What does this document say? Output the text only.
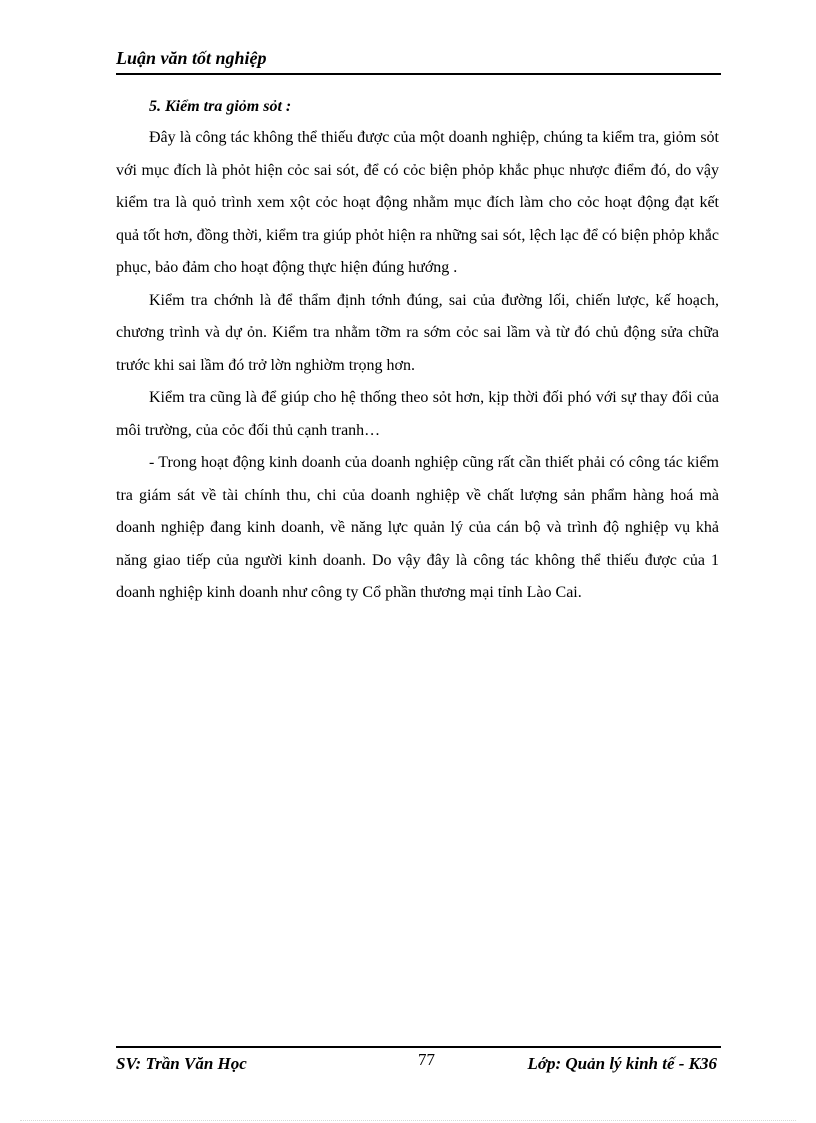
Luận văn tốt nghiệp

5. Kiểm tra giỏm sỏt :

Đây là công tác không thể thiếu được của một doanh nghiệp, chúng ta kiểm tra, giỏm sỏt với mục đích là phỏt hiện cỏc sai sót, để có cỏc biện phỏp khắc phục nhược điểm đó, do vậy kiểm tra là quỏ trình xem xột cỏc hoạt động nhằm mục đích làm cho cỏc hoạt động đạt kết quả tốt hơn, đồng thời, kiểm tra giúp phỏt hiện ra những sai sót, lệch lạc để có biện phỏp khắc phục, bảo đảm cho hoạt động thực hiện đúng hướng .

Kiểm tra chớnh là để thẩm định tớnh đúng, sai của đường lối, chiến lược, kế hoạch, chương trình và dự ỏn. Kiểm tra nhằm tỡm ra sớm cỏc sai lầm và từ đó chủ động sửa chữa trước khi sai lầm đó trở lờn nghiờm trọng hơn.

Kiểm tra cũng là để giúp cho hệ thống theo sỏt hơn, kịp thời đối phó với sự thay đổi của môi trường, của cỏc đối thủ cạnh tranh…

- Trong hoạt động kinh doanh của doanh nghiệp cũng rất cần thiết phải có công tác kiểm tra giám sát về tài chính thu, chi của doanh nghiệp về chất lượng sản phẩm hàng hoá mà doanh nghiệp đang kinh doanh, về năng lực quản lý của cán bộ và trình độ nghiệp vụ khả năng giao tiếp của người kinh doanh. Do vậy đây là công tác không thể thiếu được của 1 doanh nghiệp kinh doanh như công ty Cổ phần thương mại tỉnh Lào Cai.

SV: Trần Văn Học	77	Lớp: Quản lý kinh tế - K36
